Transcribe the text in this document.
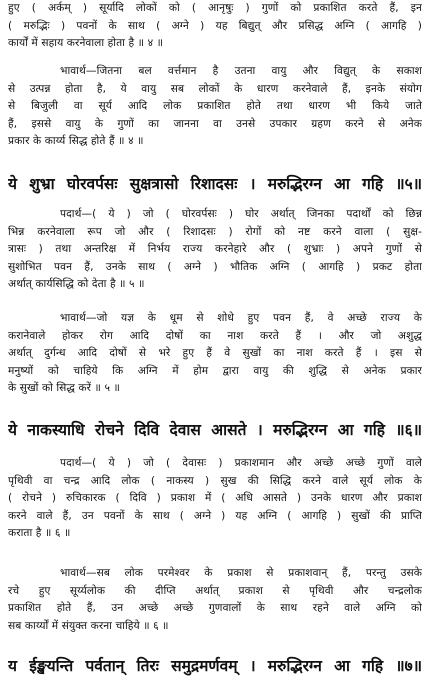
हुए ( अर्कम् ) सूर्यादि लोकों को ( आनृषुः ) गुणों को प्रकाशित करते हैं, इन
( मरुद्भिः ) पवनों के साथ ( अग्ने ) यह बिद्युत् और प्रसिद्ध अग्नि ( आगहि )
कार्यों में सहाय करनेवाला होता है ॥ ४ ॥
भावार्थ—जितना बल वर्त्तमान है उतना वायु और विद्युत् के सकाश
से उत्पन्न होता है, ये वायु सब लोकों के धारण करनेवाले हैं, इनके संयोग
से बिजुली वा सूर्य आदि लोक प्रकाशित होते तथा धारण भी किये जाते
हैं, इससे वायु के गुणों का जानना वा उनसे उपकार ग्रहण करने से अनेक
प्रकार के कार्य्य सिद्ध होते हैं ॥ ४ ॥
ये शुभ्रा घोरवर्पसः सुक्षत्रासो रिशादसः । मरुद्भिरग्न आ गहि ॥५॥
पदार्थ—( ये ) जो ( घोरवर्पसः ) घोर अर्थात् जिनका पदार्थों को छिन्न
भिन्न करनेवाला रूप जो और ( रिशादसः ) रोगों को नष्ट करने वाला ( सुक्ष-
त्रासः ) तथा अन्तरिक्ष में निर्भय राज्य करनेहारे और ( शुभ्राः ) अपने गुणों से
सुशोभित पवन हैं, उनके साथ ( अग्ने ) भौतिक अग्नि ( आगहि ) प्रकट होता
अर्थात् कार्यसिद्धि को देता है ॥ ५ ॥
भावार्थ—जो यज्ञ के धूम से शोधे हुए पवन हैं, वे अच्छे राज्य के
करानेवाले होकर रोग आदि दोषों का नाश करते हैं । और जो अशुद्ध
अर्थात् दुर्गन्ध आदि दोषों से भरे हुए हैं वे सुखों का नाश करते हैं । इस से
मनुष्यों को चाहिये कि अग्नि में होम द्वारा वायु की शुद्धि से अनेक प्रकार
के सुखों को सिद्ध करें ॥ ५ ॥
ये नाकस्याधि रोचने दिवि देवास आसते । मरुद्भिरग्न आ गहि ॥६॥
पदार्थ—( ये ) जो ( देवासः ) प्रकाशमान और अच्छे अच्छे गुणों वाले
पृथिवी वा चन्द्र आदि लोक ( नाकस्य ) सुख की सिद्धि करने वाले सूर्य लोक के
( रोचने ) रुचिकारक ( दिवि ) प्रकाश में ( अधि आसते ) उनके धारण और प्रकाश
करने वाले हैं, उन पवनों के साथ ( अग्ने ) यह अग्नि ( आगहि ) सुखों की प्राप्ति
कराता है ॥ ६ ॥
भावार्थ—सब लोक परमेश्वर के प्रकाश से प्रकाशवान् हैं, परन्तु उसके
रचे हुए सूर्य्यलोक की दीप्ति अर्थात् प्रकाश से पृथिवी और चन्द्रलोक
प्रकाशित होते हैं, उन अच्छे अच्छे गुणवालों के साथ रहने वाले अग्नि को
सब कार्य्यों में संयुक्त करना चाहिये ॥ ६ ॥
य ईङ्खयन्ति पर्वतान् तिरः समुद्रमर्णवम् । मरुद्भिरग्न आ गहि ॥७॥
